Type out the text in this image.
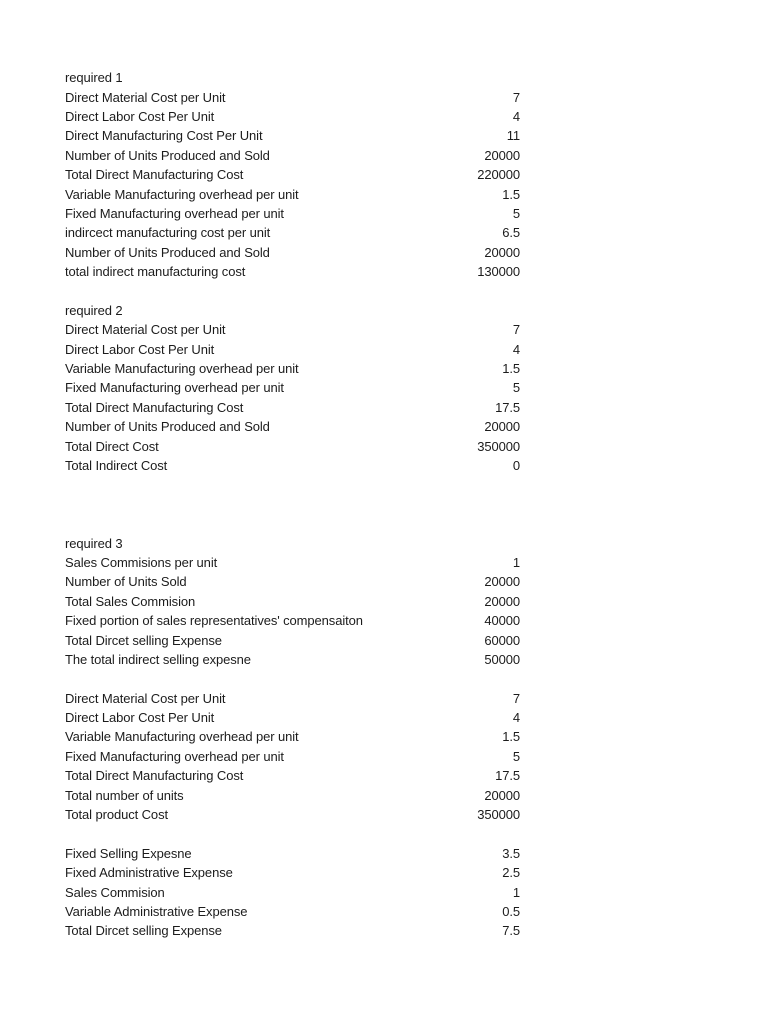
required 1
Direct Material Cost per Unit	7
Direct Labor Cost Per Unit	4
Direct Manufacturing Cost Per Unit	11
Number of Units Produced and Sold	20000
Total Direct Manufacturing Cost	220000
Variable Manufacturing overhead per unit	1.5
Fixed Manufacturing overhead per unit	5
indircect manufacturing cost per unit	6.5
Number of Units Produced and Sold	20000
total indirect manufacturing cost	130000
required 2
Direct Material Cost per Unit	7
Direct Labor Cost Per Unit	4
Variable Manufacturing overhead per unit	1.5
Fixed Manufacturing overhead per unit	5
Total Direct Manufacturing Cost	17.5
Number of Units Produced and Sold	20000
Total Direct Cost	350000
Total Indirect Cost	0
required 3
Sales Commisions per unit	1
Number of Units Sold	20000
Total Sales Commision	20000
Fixed portion of sales representatives' compensaiton	40000
Total Dircet selling Expense	60000
The total indirect selling expesne	50000
Direct Material Cost per Unit	7
Direct Labor Cost Per Unit	4
Variable Manufacturing overhead per unit	1.5
Fixed Manufacturing overhead per unit	5
Total Direct Manufacturing Cost	17.5
Total number of units	20000
Total product Cost	350000
Fixed Selling Expesne	3.5
Fixed Administrative Expense	2.5
Sales Commision	1
Variable Administrative Expense	0.5
Total Dircet selling Expense	7.5
